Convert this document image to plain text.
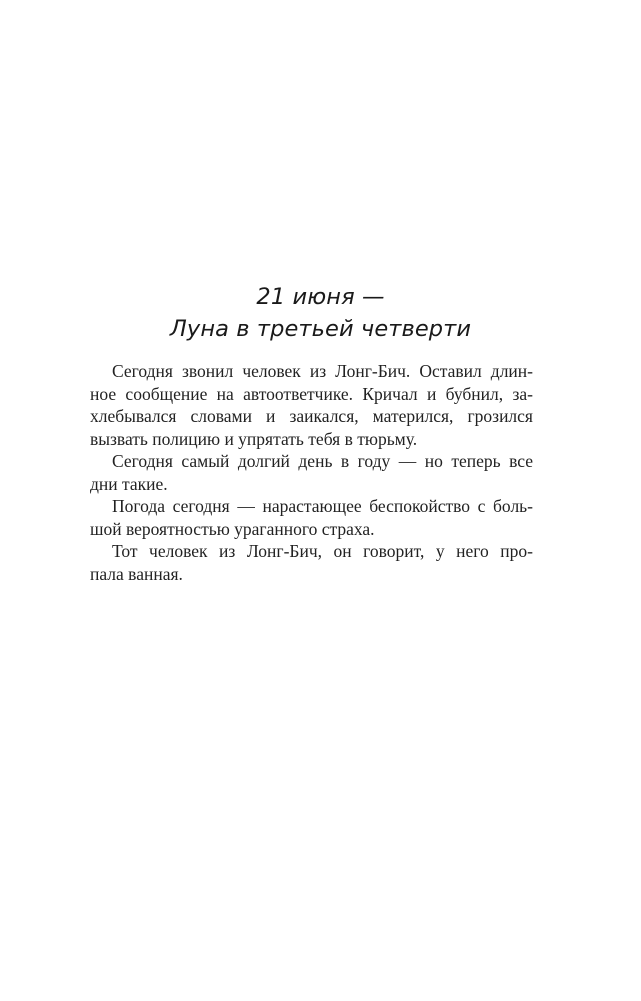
21 июня —
Луна в третьей четверти

Сегодня звонил человек из Лонг-Бич. Оставил длин-
ное сообщение на автоответчике. Кричал и бубнил, за-
хлебывался словами и заикался, матерился, грозился
вызвать полицию и упрятать тебя в тюрьму.

Сегодня самый долгий день в году — но теперь все
дни такие.

Погода сегодня — нарастающее беспокойство с боль-
шой вероятностью ураганного страха.

Тот человек из Лонг-Бич, он говорит, у него про-
пала ванная.
